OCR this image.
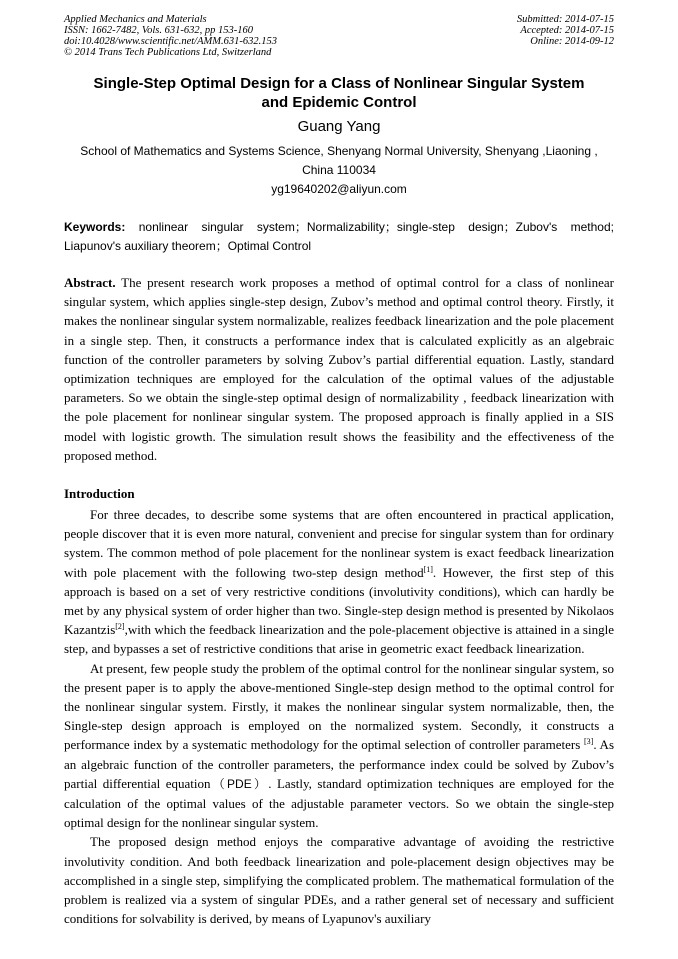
Applied Mechanics and Materials
ISSN: 1662-7482, Vols. 631-632, pp 153-160
doi:10.4028/www.scientific.net/AMM.631-632.153
© 2014 Trans Tech Publications Ltd, Switzerland
Submitted: 2014-07-15
Accepted: 2014-07-15
Online: 2014-09-12
Single-Step Optimal Design for a Class of Nonlinear Singular System
and Epidemic Control
Guang Yang
School of Mathematics and Systems Science, Shenyang Normal University, Shenyang ,Liaoning ,
China 110034
yg19640202@aliyun.com
Keywords: nonlinear singular system；Normalizability；single-step design；Zubov's method; Liapunov's auxiliary theorem；Optimal Control
Abstract. The present research work proposes a method of optimal control for a class of nonlinear singular system, which applies single-step design, Zubov’s method and optimal control theory. Firstly, it makes the nonlinear singular system normalizable, realizes feedback linearization and the pole placement in a single step. Then, it constructs a performance index that is calculated explicitly as an algebraic function of the controller parameters by solving Zubov’s partial differential equation. Lastly, standard optimization techniques are employed for the calculation of the optimal values of the adjustable parameters. So we obtain the single-step optimal design of normalizability , feedback linearization with the pole placement for nonlinear singular system. The proposed approach is finally applied in a SIS model with logistic growth. The simulation result shows the feasibility and the effectiveness of the proposed method.
Introduction

For three decades, to describe some systems that are often encountered in practical application, people discover that it is even more natural, convenient and precise for singular system than for ordinary system. The common method of pole placement for the nonlinear system is exact feedback linearization with pole placement with the following two-step design method[1]. However, the first step of this approach is based on a set of very restrictive conditions (involutivity conditions), which can hardly be met by any physical system of order higher than two. Single-step design method is presented by Nikolaos Kazantzis[2],with which the feedback linearization and the pole-placement objective is attained in a single step, and bypasses a set of restrictive conditions that arise in geometric exact feedback linearization.

At present, few people study the problem of the optimal control for the nonlinear singular system, so the present paper is to apply the above-mentioned Single-step design method to the optimal control for the nonlinear singular system. Firstly, it makes the nonlinear singular system normalizable, then, the Single-step design approach is employed on the normalized system. Secondly, it constructs a performance index by a systematic methodology for the optimal selection of controller parameters [3]. As an algebraic function of the controller parameters, the performance index could be solved by Zubov’s partial differential equation（PDE）. Lastly, standard optimization techniques are employed for the calculation of the optimal values of the adjustable parameter vectors. So we obtain the single-step optimal design for the nonlinear singular system.

The proposed design method enjoys the comparative advantage of avoiding the restrictive involutivity condition. And both feedback linearization and pole-placement design objectives may be accomplished in a single step, simplifying the complicated problem. The mathematical formulation of the problem is realized via a system of singular PDEs, and a rather general set of necessary and sufficient conditions for solvability is derived, by means of Lyapunov's auxiliary
